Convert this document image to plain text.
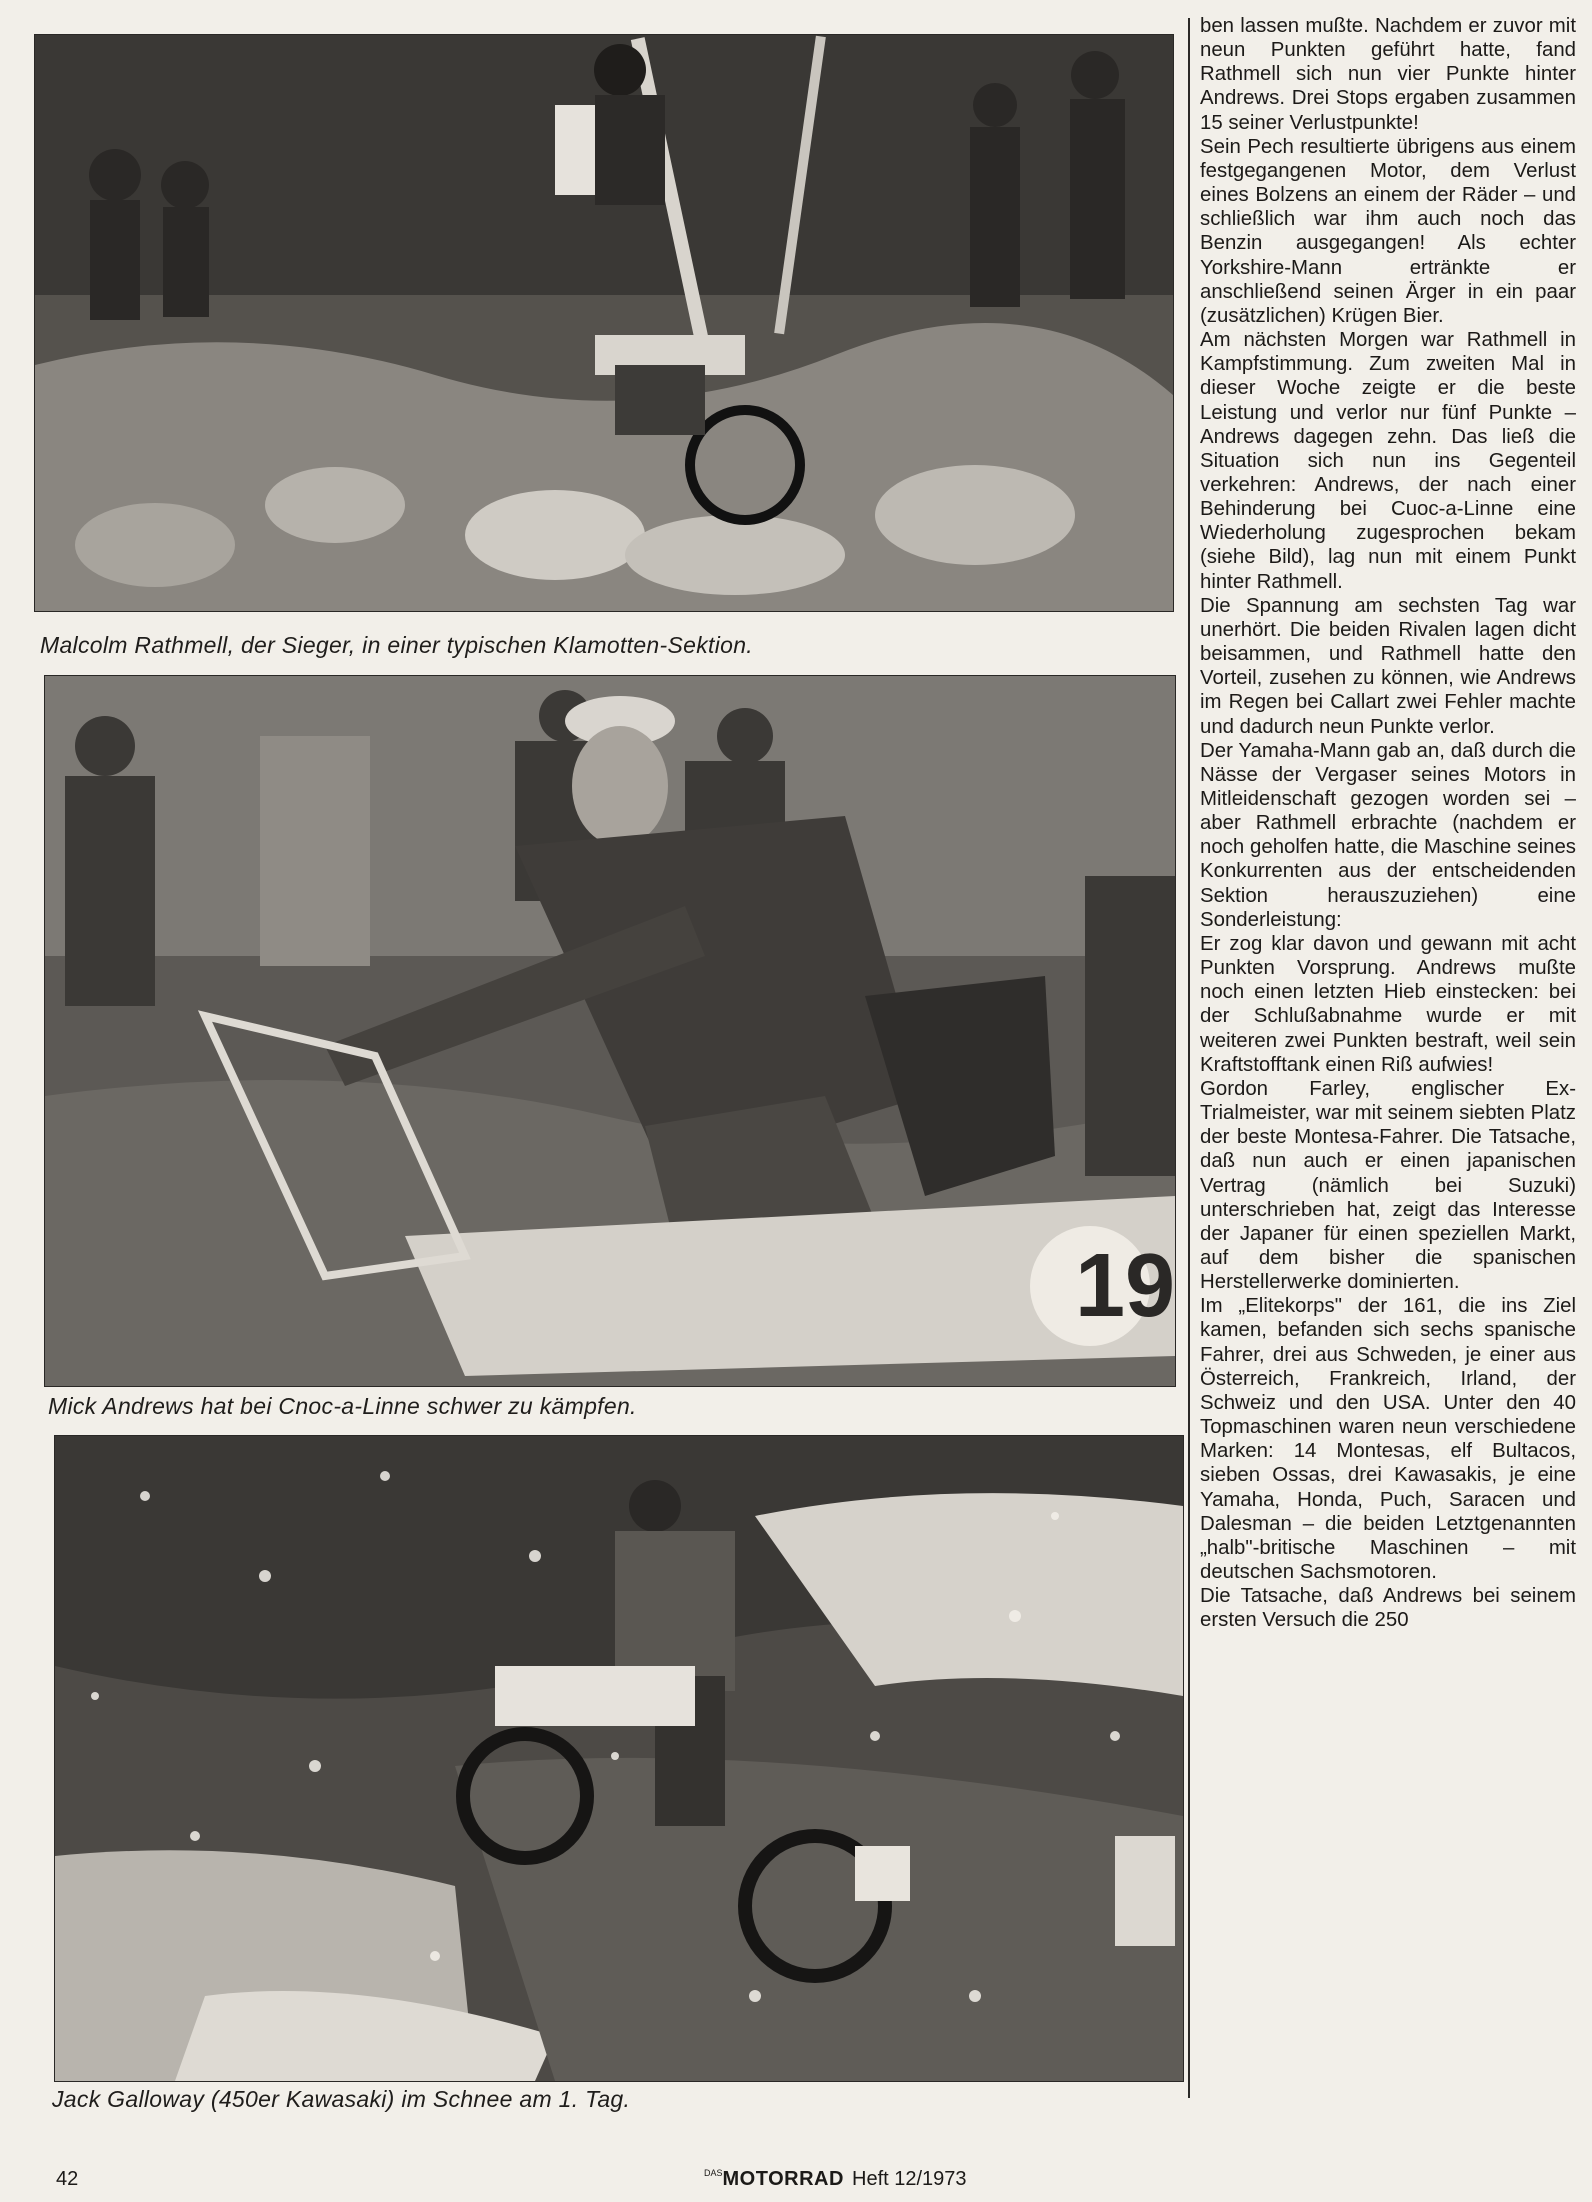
Malcolm Rathmell, der Sieger, in einer typischen Klamotten-Sektion.
19
Mick Andrews hat bei Cnoc-a-Linne schwer zu kämpfen.
Jack Galloway (450er Kawasaki) im Schnee am 1. Tag.

ben lassen mußte. Nachdem er zuvor mit neun Punkten geführt hatte, fand Rathmell sich nun vier Punkte hinter Andrews. Drei Stops ergaben zusammen 15 seiner Verlustpunkte!

Sein Pech resultierte übrigens aus einem festgegangenen Motor, dem Verlust eines Bolzens an einem der Räder – und schließlich war ihm auch noch das Benzin ausgegangen! Als echter Yorkshire-Mann ertränkte er anschließend seinen Ärger in ein paar (zusätzlichen) Krügen Bier.

Am nächsten Morgen war Rathmell in Kampfstimmung. Zum zweiten Mal in dieser Woche zeigte er die beste Leistung und verlor nur fünf Punkte – Andrews dagegen zehn. Das ließ die Situation sich nun ins Gegenteil verkehren: Andrews, der nach einer Behinderung bei Cuoc-a-Linne eine Wiederholung zugesprochen bekam (siehe Bild), lag nun mit einem Punkt hinter Rathmell.

Die Spannung am sechsten Tag war unerhört. Die beiden Rivalen lagen dicht beisammen, und Rathmell hatte den Vorteil, zusehen zu können, wie Andrews im Regen bei Callart zwei Fehler machte und dadurch neun Punkte verlor.

Der Yamaha-Mann gab an, daß durch die Nässe der Vergaser seines Motors in Mitleidenschaft gezogen worden sei – aber Rathmell erbrachte (nachdem er noch geholfen hatte, die Maschine seines Konkurrenten aus der entscheidenden Sektion herauszuziehen) eine Sonderleistung:

Er zog klar davon und gewann mit acht Punkten Vorsprung. Andrews mußte noch einen letzten Hieb einstecken: bei der Schlußabnahme wurde er mit weiteren zwei Punkten bestraft, weil sein Kraftstofftank einen Riß aufwies!

Gordon Farley, englischer Ex-Trialmeister, war mit seinem siebten Platz der beste Montesa-Fahrer. Die Tatsache, daß nun auch er einen japanischen Vertrag (nämlich bei Suzuki) unterschrieben hat, zeigt das Interesse der Japaner für einen speziellen Markt, auf dem bisher die spanischen Herstellerwerke dominierten.

Im „Elitekorps" der 161, die ins Ziel kamen, befanden sich sechs spanische Fahrer, drei aus Schweden, je einer aus Österreich, Frankreich, Irland, der Schweiz und den USA. Unter den 40 Topmaschinen waren neun verschiedene Marken: 14 Montesas, elf Bultacos, sieben Ossas, drei Kawasakis, je eine Yamaha, Honda, Puch, Saracen und Dalesman – die beiden Letztgenannten „halb"-britische Maschinen – mit deutschen Sachsmotoren.

Die Tatsache, daß Andrews bei seinem ersten Versuch die 250

42	$^{DAS}$MOTORRAD Heft 12/1973
